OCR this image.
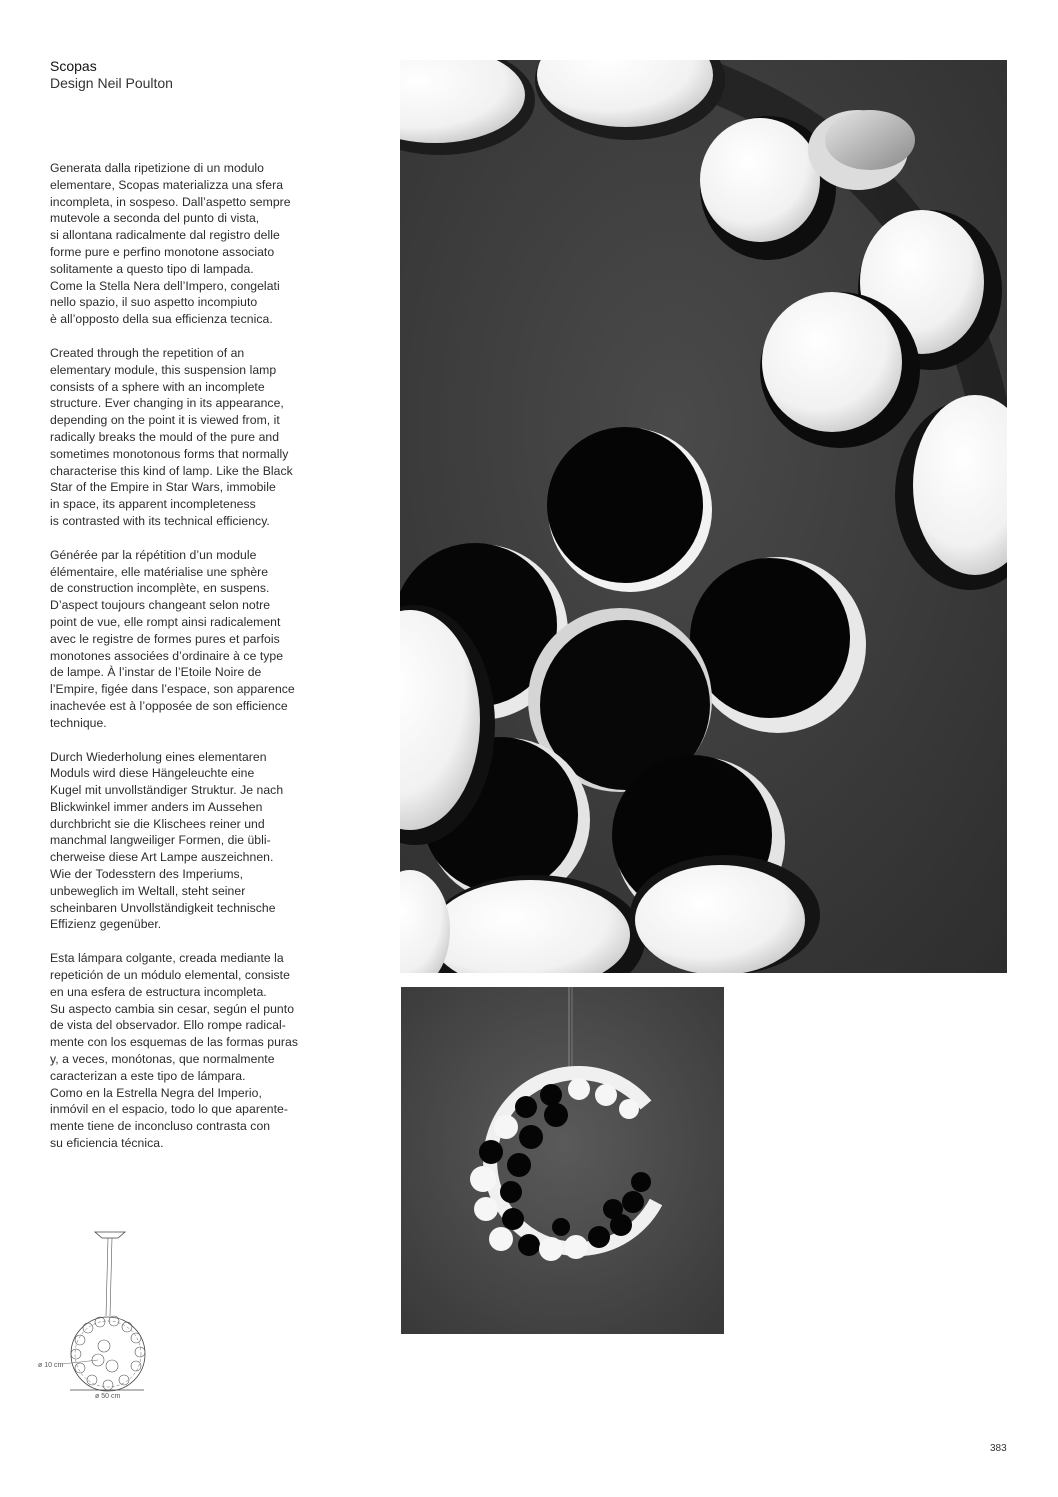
Scopas
Design Neil Poulton

Generata dalla ripetizione di un modulo
elementare, Scopas materializza una sfera
incompleta, in sospeso. Dall’aspetto sempre
mutevole a seconda del punto di vista,
si allontana radicalmente dal registro delle
forme pure e perfino monotone associato
solitamente a questo tipo di lampada.
Come la Stella Nera dell’Impero, congelati
nello spazio, il suo aspetto incompiuto
è all’opposto della sua efficienza tecnica.

Created through the repetition of an
elementary module, this suspension lamp
consists of a sphere with an incomplete
structure. Ever changing in its appearance,
depending on the point it is viewed from, it
radically breaks the mould of the pure and
sometimes monotonous forms that normally
characterise this kind of lamp. Like the Black
Star of the Empire in Star Wars, immobile
in space, its apparent incompleteness
is contrasted with its technical efficiency.

Générée par la répétition d’un module
élémentaire, elle matérialise une sphère
de construction incomplète, en suspens.
D’aspect toujours changeant selon notre
point de vue, elle rompt ainsi radicalement
avec le registre de formes pures et parfois
monotones associées d’ordinaire à ce type
de lampe. À l’instar de l’Etoile Noire de
l’Empire, figée dans l’espace, son apparence
inachevée est à l’opposée de son efficience
technique.

Durch Wiederholung eines elementaren
Moduls wird diese Hängeleuchte eine
Kugel mit unvollständiger Struktur. Je nach
Blickwinkel immer anders im Aussehen
durchbricht sie die Klischees reiner und
manchmal langweiliger Formen, die übli-
cherweise diese Art Lampe auszeichnen.
Wie der Todesstern des Imperiums,
unbeweglich im Weltall, steht seiner
scheinbaren Unvollständigkeit technische
Effizienz gegenüber.

Esta lámpara colgante, creada mediante la
repetición de un módulo elemental, consiste
en una esfera de estructura incompleta.
Su aspecto cambia sin cesar, según el punto
de vista del observador. Ello rompe radical-
mente con los esquemas de las formas puras
y, a veces, monótonas, que normalmente
caracterizan a este tipo de lámpara.
Como en la Estrella Negra del Imperio,
inmóvil en el espacio, todo lo que aparente-
mente tiene de inconcluso contrasta con
su eficiencia técnica.

ø 10 cm
ø 50 cm
383
